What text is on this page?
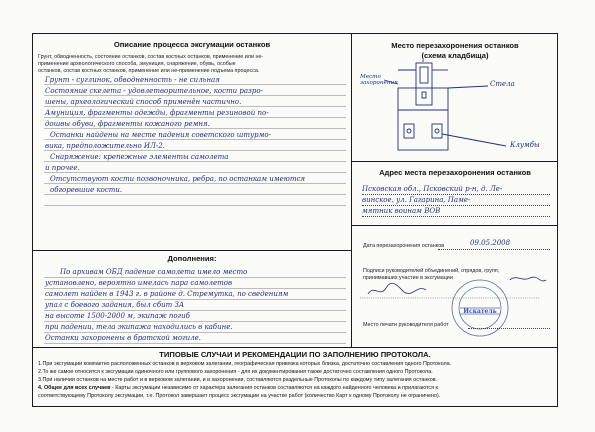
Описание процесса эксгумации останков
Грунт, обводненность, состояние останков, состав костных останков, применение или не-
применение археологического способа, эмуниция, снаряжение, обувь, особые
останков, состав костных останков, применение или не-применение подъема процесса.
Грунт - суглинок, обводненность - не сильная
Состояние скелета - удовлетворительное, кости разро-
шены, археологический способ применён частично.
Амуниция, фрагменты одежды, фрагменты резиновой по-
дошвы обуви, фрагменты кожаного ремня.
Останки найдены на месте падения советского штурмо-
вика, предположительно ИЛ-2.
Снаряжение: крепежные элементы самолета
и прочее.
Отсутствуют кости позвоночника, ребра, по останкам имеются
обгоревшие кости.
Дополнения:
По архивам ОБД падение самолета имело место
установлено, вероятно имелась пара самолетов
самолет найден в 1943 г. в районе д. Стремутка, по сведениям
упал с боевого задания, был сбит ЗА
на высоте 1500-2000 м, экипаж погиб
при падении, тела экипажа находились в кабине.
Останки захоронены в братской могиле.
Место перезахоронения останков
(схема кладбища)
Место
захоронения	Стела
Клумбы
Адрес места перезахоронения останков
Псковская обл., Псковский р-н, д. Ле-
винское, ул. Гагарина, Паме-
мятник воинам ВОВ
Дата перезахоронения останков	09.05.2008
Подписи руководителей объединений, отрядов, групп,
принимавших участие в эксгумации
Искатель
Место печати руководителя работ
ТИПОВЫЕ СЛУЧАИ И РЕКОМЕНДАЦИИ ПО ЗАПОЛНЕНИЮ ПРОТОКОЛА.
1.При эксгумации компактно расположенных останков в верховом залегании, географическая привязка которых близка, достаточно составления одного Протокола.
2.То же самое относится к эксгумации одиночного или группового захоронения - для их документирования также достаточно составления одного Протокола.
3.При наличии останков на месте работ и в верховом залегании, и в захоронении, составляются раздельные Протоколы по каждому типу залегания останков.
4. Общее для всех случаев - Карты эксгумации независимо от характера залегания останков составляются на каждого найденного человека и прилагаются к
соответствующему Протоколу эксгумации, т.е. Протокол завершает процесс эксгумации на участке работ (количество Карт к одному Протоколу не ограничено).
